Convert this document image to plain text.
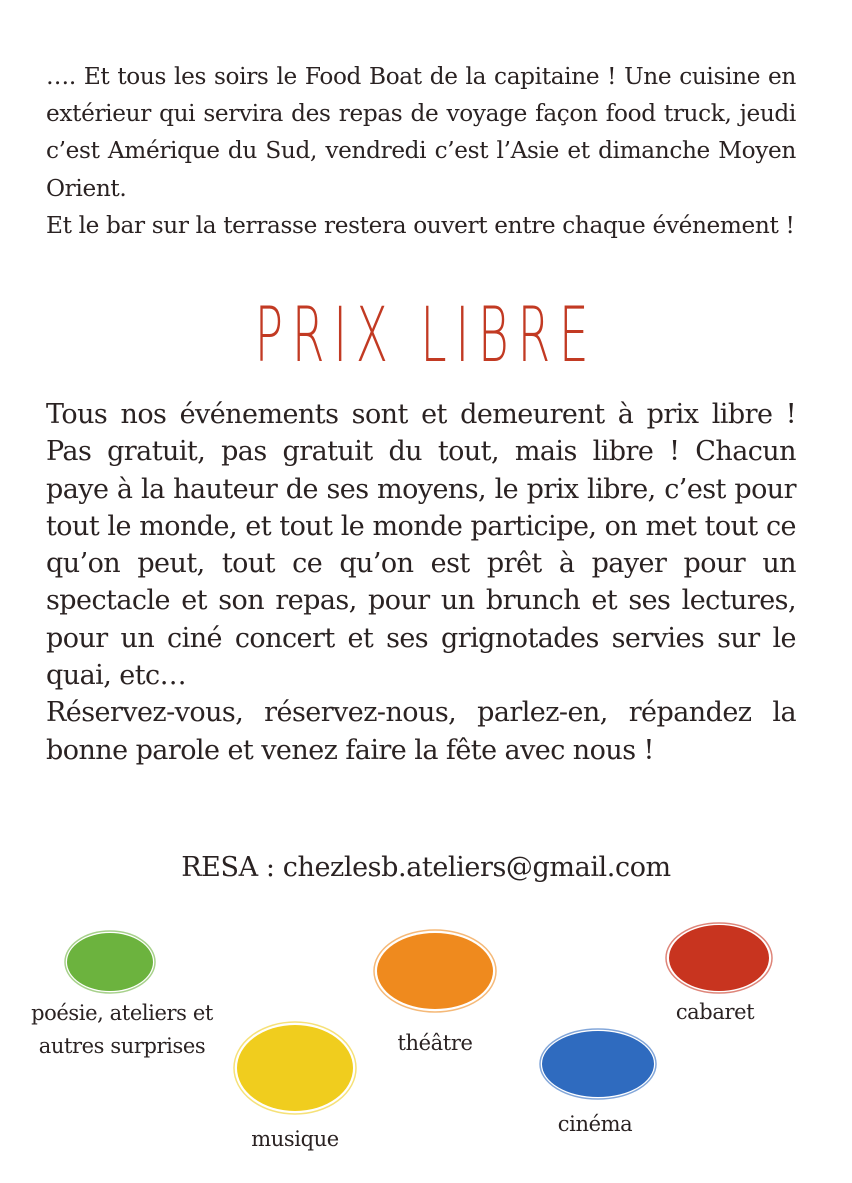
…. Et tous les soirs le Food Boat de la capitaine ! Une cuisine en extérieur qui servira des repas de voyage façon food truck, jeudi c’est Amérique du Sud, vendredi c’est l’Asie et dimanche Moyen Orient.
Et le bar sur la terrasse restera ouvert entre chaque événement !
PRIX LIBRE
Tous nos événements sont et demeurent à prix libre ! Pas gratuit, pas gratuit du tout, mais libre ! Chacun paye à la hauteur de ses moyens, le prix libre, c’est pour tout le monde, et tout le monde participe, on met tout ce qu’on peut, tout ce qu’on est prêt à payer pour un spectacle et son repas, pour un brunch et ses lectures, pour un ciné concert et ses grignotades servies sur le quai, etc…
Réservez-vous, réservez-nous, parlez-en, répandez la bonne parole et venez faire la fête avec nous !
RESA : chezlesb.ateliers@gmail.com
poésie, ateliers et
autres surprises
musique
théâtre
cinéma
cabaret
